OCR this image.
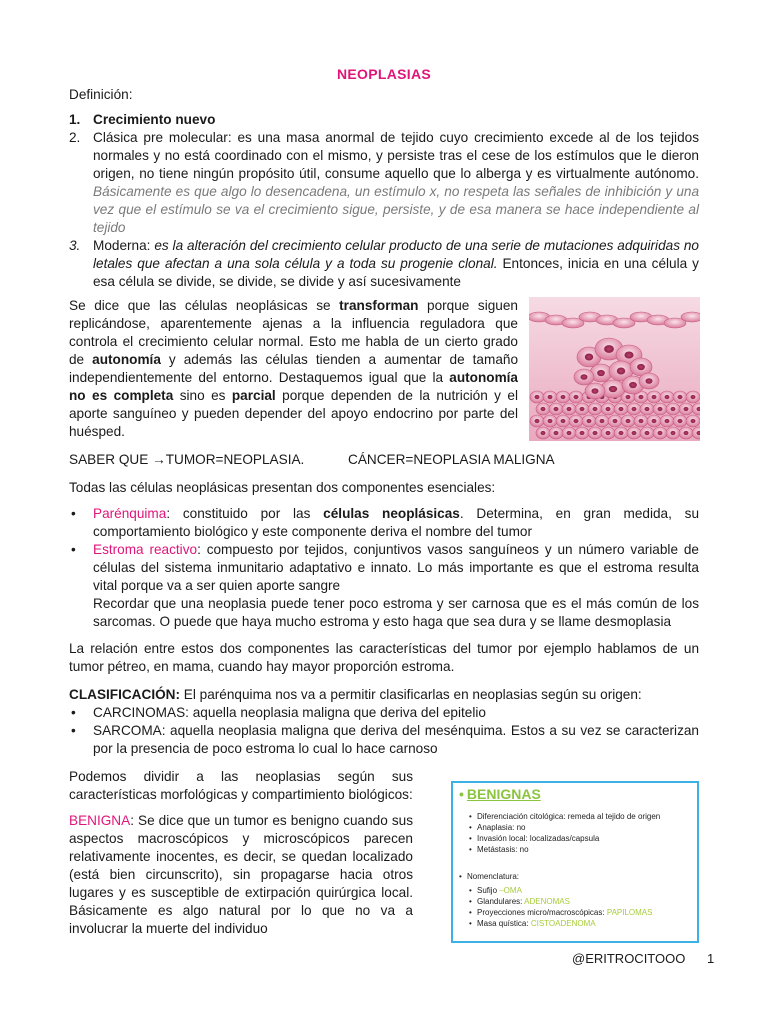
NEOPLASIAS
Definición:
1. Crecimiento nuevo
2. Clásica pre molecular: es una masa anormal de tejido cuyo crecimiento excede al de los tejidos normales y no está coordinado con el mismo, y persiste tras el cese de los estímulos que le dieron origen, no tiene ningún propósito útil, consume aquello que lo alberga y es virtualmente autónomo. Básicamente es que algo lo desencadena, un estímulo x, no respeta las señales de inhibición y una vez que el estímulo se va el crecimiento sigue, persiste, y de esa manera se hace independiente al tejido
3. Moderna: es la alteración del crecimiento celular producto de una serie de mutaciones adquiridas no letales que afectan a una sola célula y a toda su progenie clonal. Entonces, inicia en una célula y esa célula se divide, se divide, se divide y así sucesivamente
Se dice que las células neoplásicas se transforman porque siguen replicándose, aparentemente ajenas a la influencia reguladora que controla el crecimiento celular normal. Esto me habla de un cierto grado de autonomía y además las células tienden a aumentar de tamaño independientemente del entorno. Destaquemos igual que la autonomía no es completa sino es parcial porque dependen de la nutrición y el aporte sanguíneo y pueden depender del apoyo endocrino por parte del huésped.
SABER QUE →TUMOR=NEOPLASIA.	CÁNCER=NEOPLASIA MALIGNA
Todas las células neoplásicas presentan dos componentes esenciales:
• Parénquima: constituido por las células neoplásicas. Determina, en gran medida, su comportamiento biológico y este componente deriva el nombre del tumor
• Estroma reactivo: compuesto por tejidos, conjuntivos vasos sanguíneos y un número variable de células del sistema inmunitario adaptativo e innato. Lo más importante es que el estroma resulta vital porque va a ser quien aporte sangre
Recordar que una neoplasia puede tener poco estroma y ser carnosa que es el más común de los sarcomas. O puede que haya mucho estroma y esto haga que sea dura y se llame desmoplasia
La relación entre estos dos componentes las características del tumor por ejemplo hablamos de un tumor pétreo, en mama, cuando hay mayor proporción estroma.
CLASIFICACIÓN: El parénquima nos va a permitir clasificarlas en neoplasias según su origen:
• CARCINOMAS: aquella neoplasia maligna que deriva del epitelio
• SARCOMA: aquella neoplasia maligna que deriva del mesénquima. Estos a su vez se caracterizan por la presencia de poco estroma lo cual lo hace carnoso
Podemos dividir a las neoplasias según sus características morfológicas y compartimiento biológicos:
BENIGNA: Se dice que un tumor es benigno cuando sus aspectos macroscópicos y microscópicos parecen relativamente inocentes, es decir, se quedan localizado (está bien circunscrito), sin propagarse hacia otros lugares y es susceptible de extirpación quirúrgica local. Básicamente es algo natural por lo que no va a involucrar la muerte del individuo
• BENIGNAS
• Diferenciación citológica: remeda al tejido de origen
• Anaplasia: no
• Invasión local: localizadas/capsula
• Metástasis: no
• Nomenclatura:
• Sufijo –OMA
• Glandulares: ADENOMAS
• Proyecciones micro/macroscópicas: PAPILOMAS
• Masa quística: CISTOADENOMA
@ERITROCITOOO 1
